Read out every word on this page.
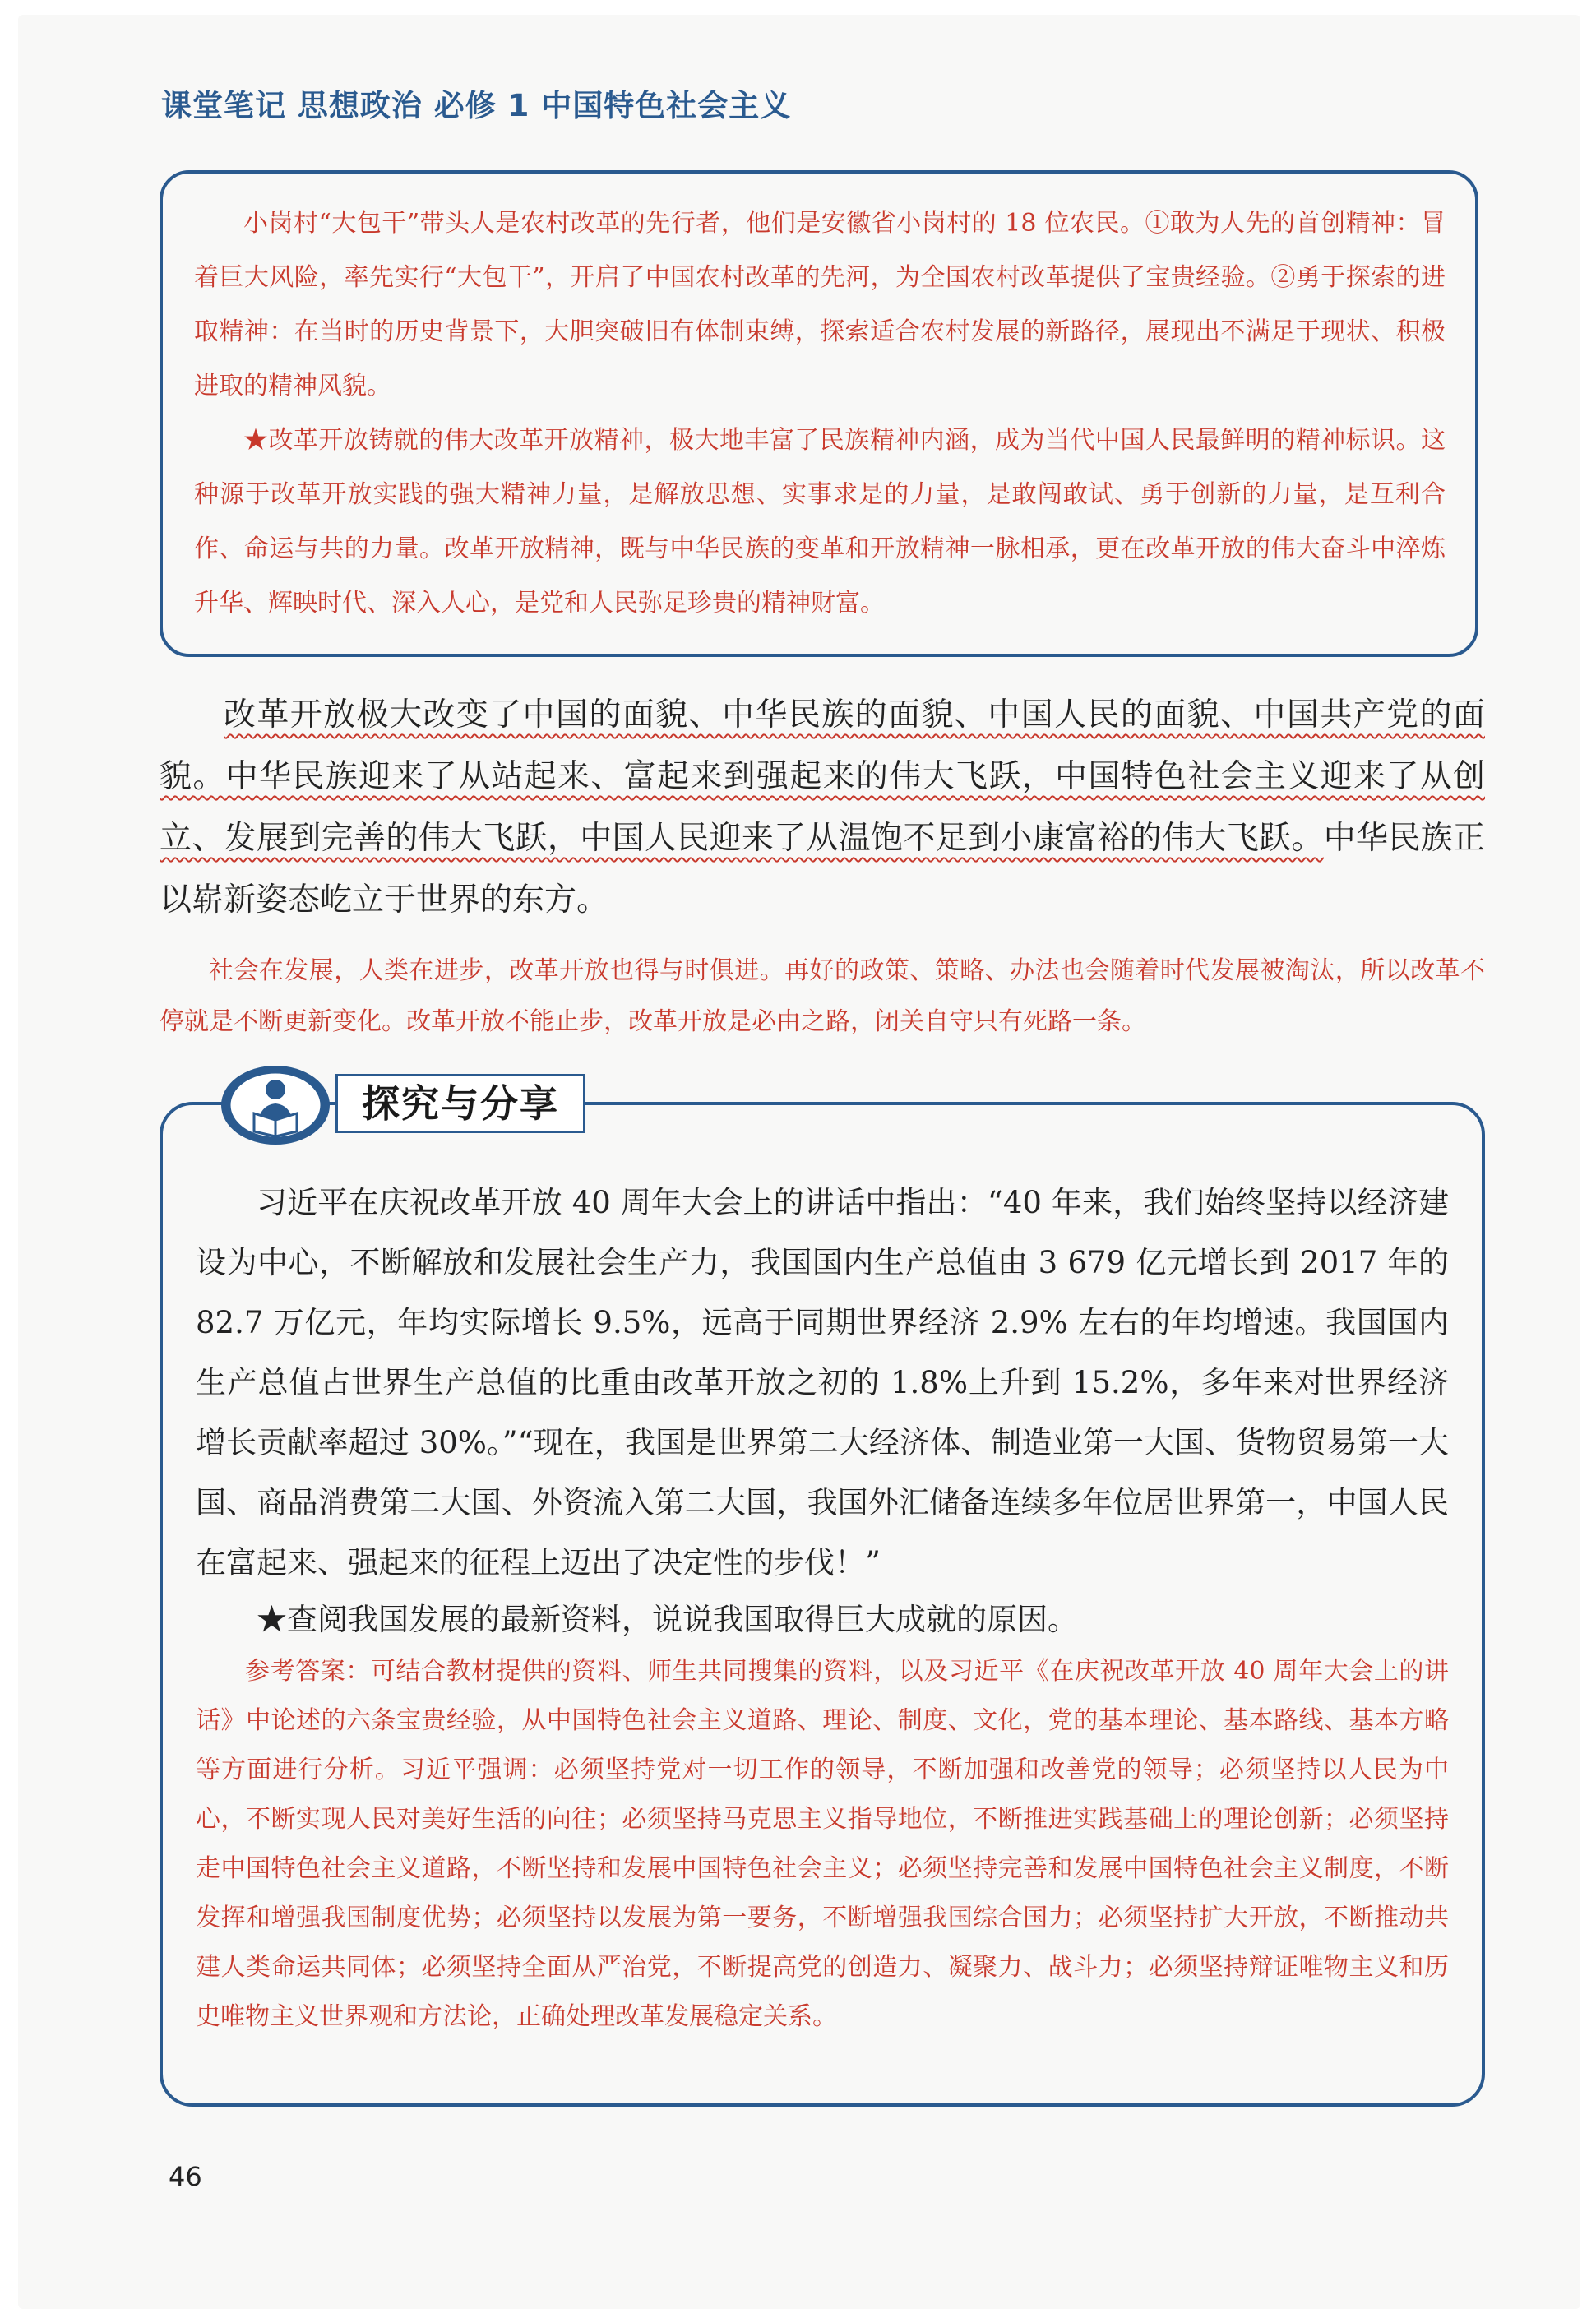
课堂笔记 思想政治 必修 1 中国特色社会主义

小岗村“大包干”带头人是农村改革的先行者，他们是安徽省小岗村的 18 位农民。①敢为人先的首创精神：冒着巨大风险，率先实行“大包干”，开启了中国农村改革的先河，为全国农村改革提供了宝贵经验。②勇于探索的进取精神：在当时的历史背景下，大胆突破旧有体制束缚，探索适合农村发展的新路径，展现出不满足于现状、积极进取的精神风貌。

★改革开放铸就的伟大改革开放精神，极大地丰富了民族精神内涵，成为当代中国人民最鲜明的精神标识。这种源于改革开放实践的强大精神力量，是解放思想、实事求是的力量，是敢闯敢试、勇于创新的力量，是互利合作、命运与共的力量。改革开放精神，既与中华民族的变革和开放精神一脉相承，更在改革开放的伟大奋斗中淬炼升华、辉映时代、深入人心，是党和人民弥足珍贵的精神财富。

改革开放极大改变了中国的面貌、中华民族的面貌、中国人民的面貌、中国共产党的面貌。中华民族迎来了从站起来、富起来到强起来的伟大飞跃，中国特色社会主义迎来了从创立、发展到完善的伟大飞跃，中国人民迎来了从温饱不足到小康富裕的伟大飞跃。中华民族正以崭新姿态屹立于世界的东方。

社会在发展，人类在进步，改革开放也得与时俱进。再好的政策、策略、办法也会随着时代发展被淘汰，所以改革不停就是不断更新变化。改革开放不能止步，改革开放是必由之路，闭关自守只有死路一条。

习近平在庆祝改革开放 40 周年大会上的讲话中指出：“40 年来，我们始终坚持以经济建设为中心，不断解放和发展社会生产力，我国国内生产总值由 3 679 亿元增长到 2017 年的 82.7 万亿元，年均实际增长 9.5%，远高于同期世界经济 2.9% 左右的年均增速。我国国内生产总值占世界生产总值的比重由改革开放之初的 1.8%上升到 15.2%，多年来对世界经济增长贡献率超过 30%。”“现在，我国是世界第二大经济体、制造业第一大国、货物贸易第一大国、商品消费第二大国、外资流入第二大国，我国外汇储备连续多年位居世界第一，中国人民在富起来、强起来的征程上迈出了决定性的步伐！”

★查阅我国发展的最新资料，说说我国取得巨大成就的原因。

参考答案：可结合教材提供的资料、师生共同搜集的资料，以及习近平《在庆祝改革开放 40 周年大会上的讲话》中论述的六条宝贵经验，从中国特色社会主义道路、理论、制度、文化，党的基本理论、基本路线、基本方略等方面进行分析。习近平强调：必须坚持党对一切工作的领导，不断加强和改善党的领导；必须坚持以人民为中心，不断实现人民对美好生活的向往；必须坚持马克思主义指导地位，不断推进实践基础上的理论创新；必须坚持走中国特色社会主义道路，不断坚持和发展中国特色社会主义；必须坚持完善和发展中国特色社会主义制度，不断发挥和增强我国制度优势；必须坚持以发展为第一要务，不断增强我国综合国力；必须坚持扩大开放，不断推动共建人类命运共同体；必须坚持全面从严治党，不断提高党的创造力、凝聚力、战斗力；必须坚持辩证唯物主义和历史唯物主义世界观和方法论，正确处理改革发展稳定关系。

探究与分享
46
